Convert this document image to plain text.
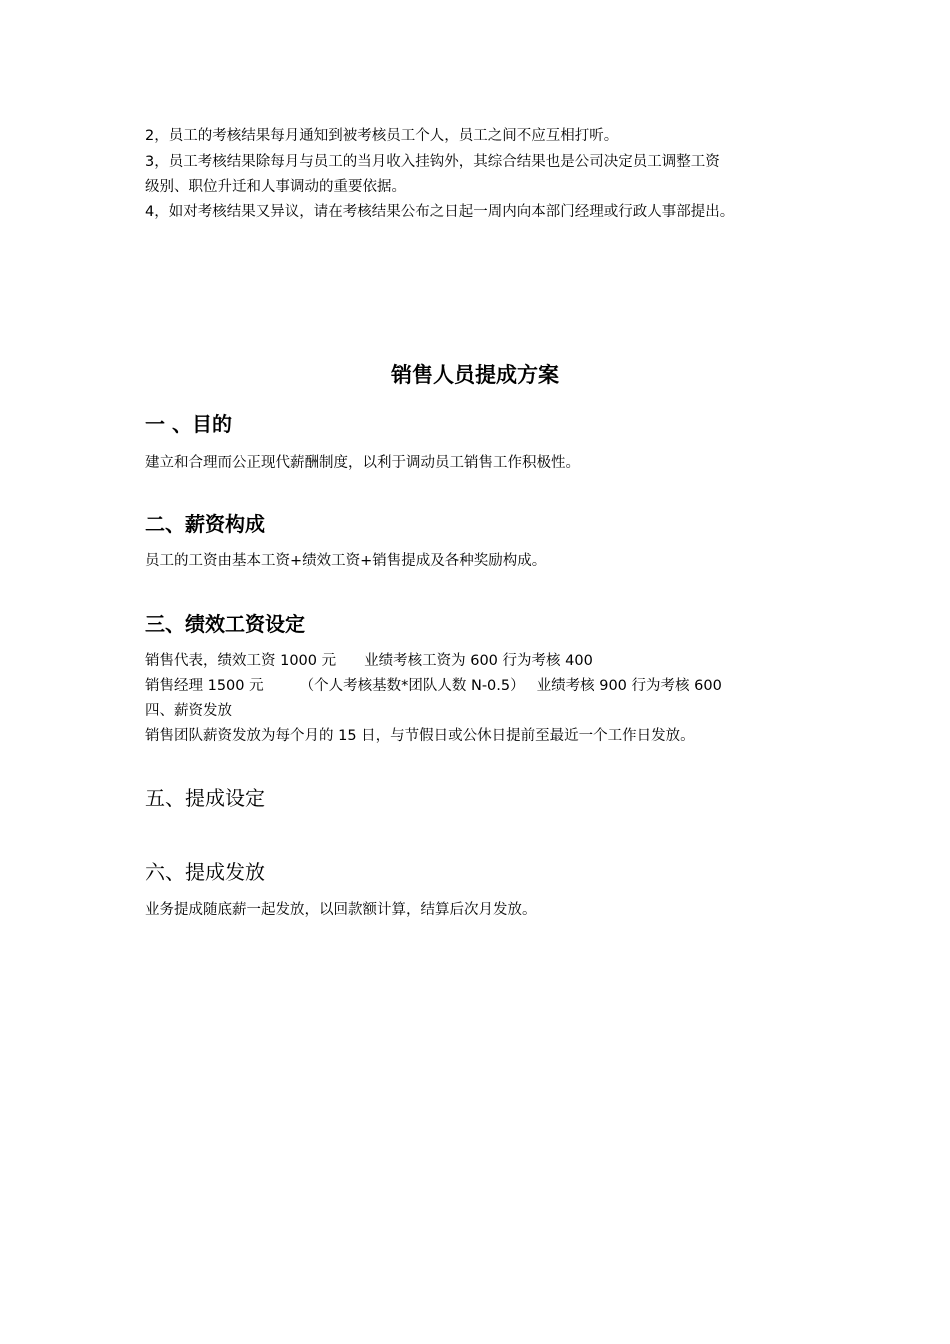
2，员工的考核结果每月通知到被考核员工个人，员工之间不应互相打听。
3，员工考核结果除每月与员工的当月收入挂钩外，其综合结果也是公司决定员工调整工资
级别、职位升迁和人事调动的重要依据。
4，如对考核结果又异议，请在考核结果公布之日起一周内向本部门经理或行政人事部提出。
销售人员提成方案
一 、目的
建立和合理而公正现代薪酬制度，以利于调动员工销售工作积极性。
二、薪资构成
员工的工资由基本工资+绩效工资+销售提成及各种奖励构成。
三、绩效工资设定
销售代表，绩效工资 1000 元 业绩考核工资为 600 行为考核 400
销售经理 1500 元 （个人考核基数*团队人数 N-0.5） 业绩考核 900 行为考核 600
四、薪资发放
销售团队薪资发放为每个月的 15 日，与节假日或公休日提前至最近一个工作日发放。
五、提成设定
六、提成发放
业务提成随底薪一起发放，以回款额计算，结算后次月发放。
